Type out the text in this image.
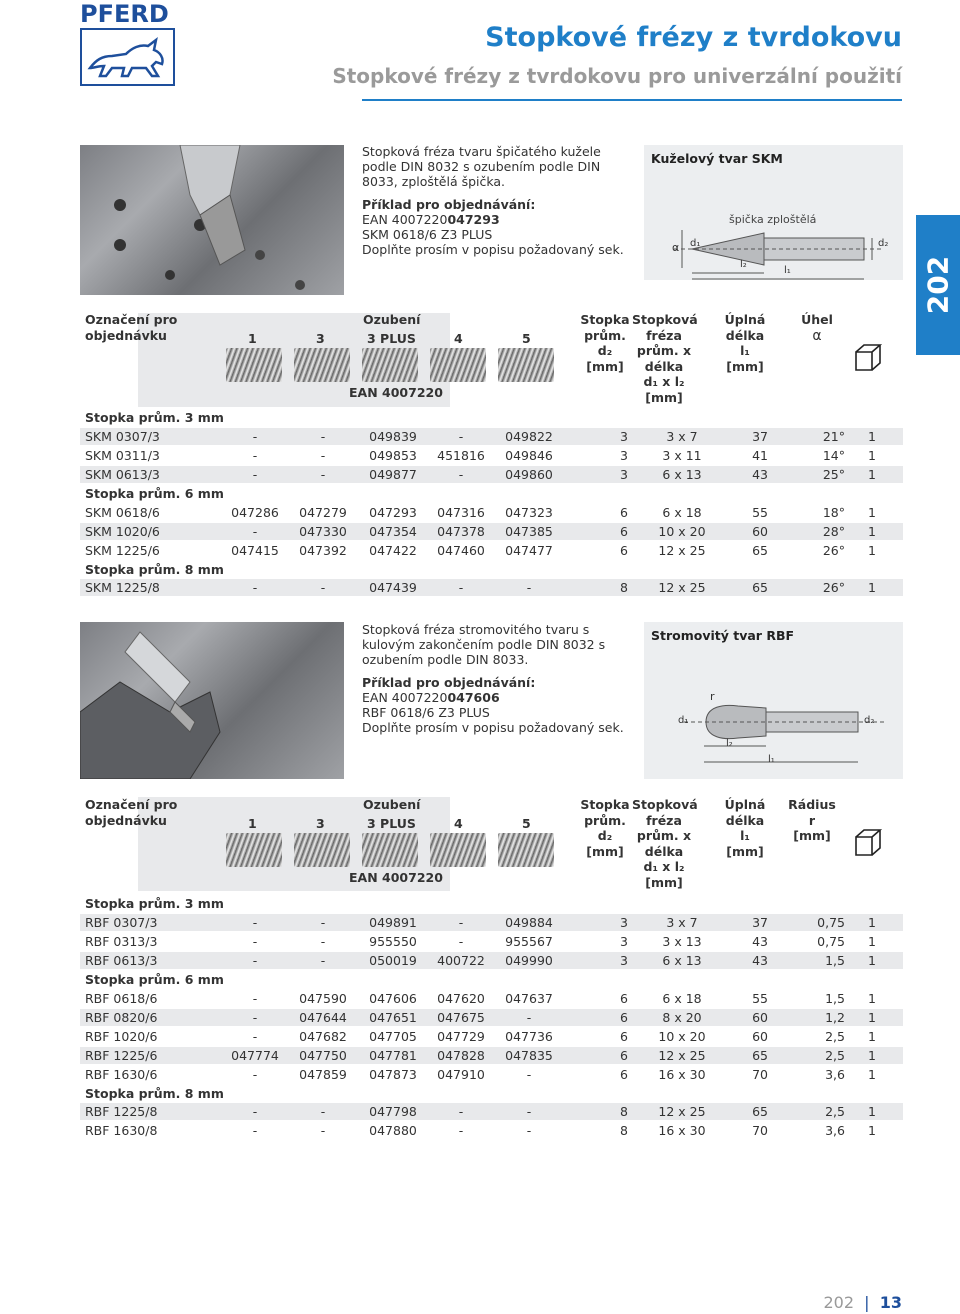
PFERD
Stopkové frézy z tvrdokovu
Stopkové frézy z tvrdokovu pro univerzální použití
202

Stopková fréza tvaru špičatého kužele podle DIN 8032 s ozubením podle DIN 8033, zploštělá špička.

Příklad pro objednávání:
EAN 4007220047293
SKM 0618/6 Z3 PLUS
Doplňte prosím v popisu požadovaný sek.
Kuželový tvar SKM
špička zploštělá
α d₁	d₂
l₂
l₁
Označení pro objednávku
Ozubení
1	3	3 PLUS	4	5
EAN 4007220
Stopka prům.
d₂
[mm]
Stopková fréza prům. x délka
d₁ x l₂
[mm]
Úplná délka
l₁
[mm]
Úhel
α
Stopka prům. 3 mm
SKM 0307/3	-	-	049839	-	049822	3	3 x 7	37	21°	1
SKM 0311/3	-	-	049853 451816 049846	3	3 x 11	41	14°	1
SKM 0613/3	-	-	049877	-	049860	3	6 x 13	43	25°	1
Stopka prům. 6 mm
SKM 0618/6	047286 047279 047293 047316 047323	6	6 x 18	55	18°	1
SKM 1020/6	-	047330 047354 047378 047385	6	10 x 20	60	28°	1
SKM 1225/6	047415 047392 047422 047460 047477	6	12 x 25	65	26°	1
Stopka prům. 8 mm
SKM 1225/8	-	-	047439	-	-	8	12 x 25	65	26°	1

Stopková fréza stromovitého tvaru s kulovým zakončením podle DIN 8032 s ozubením podle DIN 8033.

Příklad pro objednávání:
EAN 4007220047606
RBF 0618/6 Z3 PLUS
Doplňte prosím v popisu požadovaný sek.
Stromovitý tvar RBF
r
d₁	d₂
l₂
l₁
Označení pro objednávku
Ozubení
1	3	3 PLUS	4	5
EAN 4007220
Stopka prům.
d₂
[mm]
Stopková fréza prům. x délka
d₁ x l₂
[mm]
Úplná délka
l₁
[mm]
Rádius
r
[mm]
Stopka prům. 3 mm
RBF 0307/3	-	-	049891	-	049884	3	3 x 7	37	0,75	1
RBF 0313/3	-	-	955550	-	955567	3	3 x 13	43	0,75	1
RBF 0613/3	-	-	050019 400722 049990	3	6 x 13	43	1,5	1
Stopka prům. 6 mm
RBF 0618/6	-	047590 047606 047620 047637	6	6 x 18	55	1,5	1
RBF 0820/6	-	047644 047651 047675	-	6	8 x 20	60	1,2	1
RBF 1020/6	-	047682 047705 047729 047736	6	10 x 20	60	2,5	1
RBF 1225/6	047774 047750 047781 047828 047835	6	12 x 25	65	2,5	1
RBF 1630/6	-	047859 047873 047910	-	6	16 x 30	70	3,6	1
Stopka prům. 8 mm
RBF 1225/8	-	-	047798	-	-	8	12 x 25	65	2,5	1
RBF 1630/8	-	-	047880	-	-	8	16 x 30	70	3,6	1
202 | 13
